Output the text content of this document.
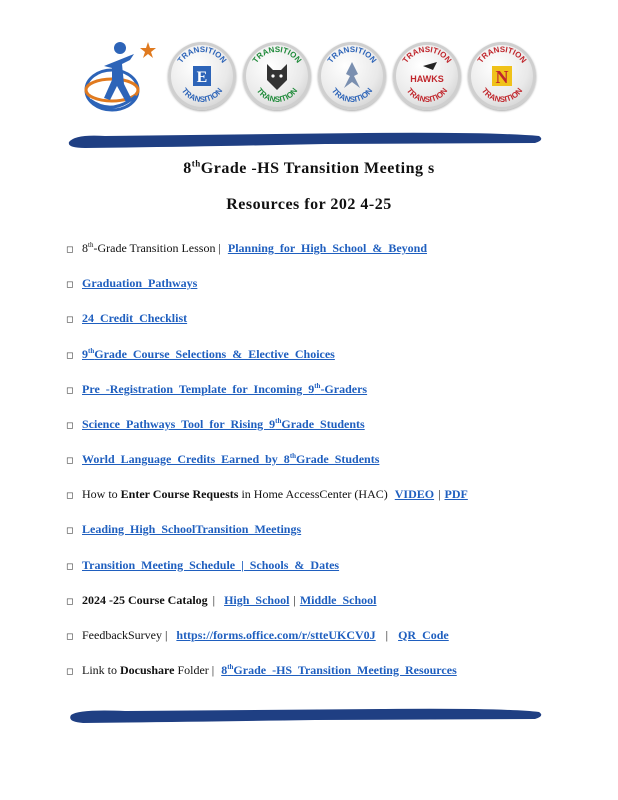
TRANSITION
TRANSITION
E
TRANSITION
TRANSITION
TRANSITION
TRANSITION
TRANSITION
TRANSITION
HAWKS
TRANSITION
TRANSITION
N
8thGrade -HS Transition Meeting s
Resources for 202 4-25
◻ 8th-Grade Transition Lesson | Planning for High School & Beyond
◻ Graduation Pathways
◻ 24 Credit Checklist
◻ 9thGrade Course Selections & Elective Choices
◻ Pre -Registration Template for Incoming 9th-Graders
◻ Science Pathways Tool for Rising 9thGrade Students
◻ World Language Credits Earned by 8thGrade Students
◻ How to Enter Course Requests in Home AccessCenter (HAC) VIDEO | PDF
◻ Leading High SchoolTransition Meetings
◻ Transition Meeting Schedule | Schools & Dates
◻ 2024 -25 Course Catalog | High School | Middle School
◻ FeedbackSurvey | https://forms.office.com/r/stteUKCV0J | QR Code
◻ Link to Docushare Folder | 8thGrade -HS Transition Meeting Resources
